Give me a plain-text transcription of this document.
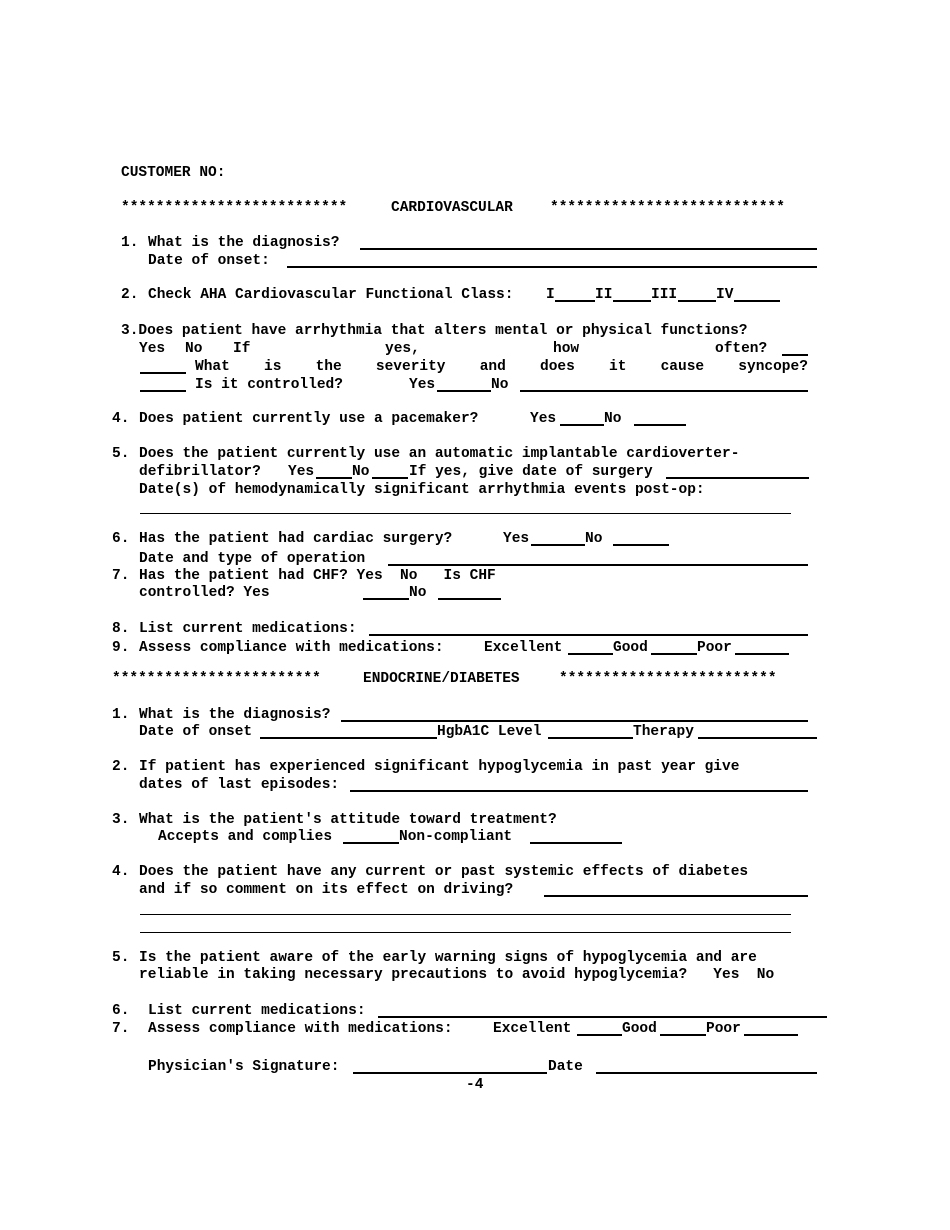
CUSTOMER NO:
**************************	CARDIOVASCULAR	***************************
1. What is the diagnosis?
Date of onset:
2. Check AHA Cardiovascular Functional Class: I	II	III	IV
3.Does patient have arrhythmia that alters mental or physical functions?
Yes No If	yes,	how	often?
What is the severity and does it cause syncope?
Is it controlled?	Yes	No
4. Does patient currently use a pacemaker?	Yes	No
5. Does the patient currently use an automatic implantable cardioverter-
defibrillator? Yes	No	If yes, give date of surgery
Date(s) of hemodynamically significant arrhythmia events post-op:
6. Has the patient had cardiac surgery?	Yes	No
Date and type of operation
7. Has the patient had CHF? Yes  No   Is CHF
controlled? Yes	No
8. List current medications:
9. Assess compliance with medications:	Excellent	Good	Poor
************************	ENDOCRINE/DIABETES	*************************
1. What is the diagnosis?
Date of onset	HgbA1C Level	Therapy
2. If patient has experienced significant hypoglycemia in past year give
dates of last episodes:
3. What is the patient's attitude toward treatment?
Accepts and complies	Non-compliant
4. Does the patient have any current or past systemic effects of diabetes
and if so comment on its effect on driving?
5. Is the patient aware of the early warning signs of hypoglycemia and are
reliable in taking necessary precautions to avoid hypoglycemia?   Yes  No
6. List current medications:
7. Assess compliance with medications:	Excellent	Good	Poor
Physician's Signature:	Date
-4
